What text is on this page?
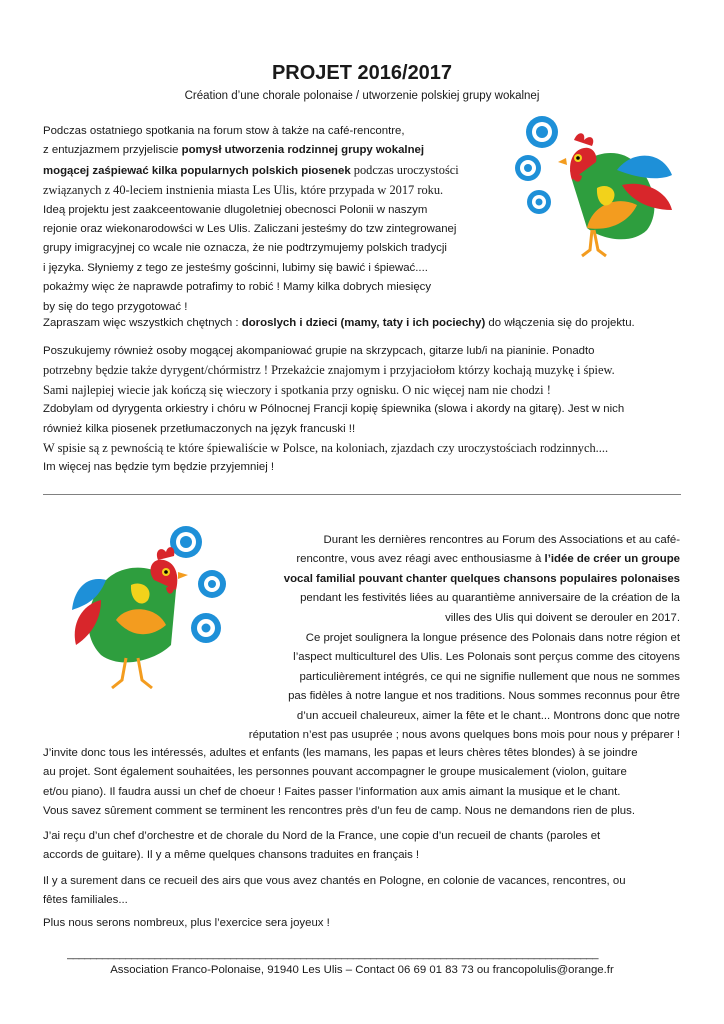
PROJET 2016/2017

Création d’une chorale polonaise / utworzenie polskiej grupy wokalnej

Podczas ostatniego spotkania na forum stow à także na café-rencontre,
z entuzjazmem przyjeliscie pomysł utworzenia rodzinnej grupy wokalnej
mogącej zaśpiewać kilka popularnych polskich piosenek podczas uroczystości
związanych z 40-leciem instnienia miasta Les Ulis, które przypada w 2017 roku.
Ideą projektu jest zaakceentowanie dlugoletniej obecnosci Polonii w naszym
rejonie oraz wiekonarodowści w Les Ulis. Zaliczani jesteśmy do tzw zintegrowanej
grupy imigracyjnej co wcale nie oznacza, że nie podtrzymujemy polskich tradycji
i języka. Słyniemy z tego ze jesteśmy gościnni, lubimy się bawić i śpiewać....
pokażmy więc że naprawde potrafimy to robić ! Mamy kilka dobrych miesięcy
by się do tego przygotować !
Zapraszam więc wszystkich chętnych : doroslych i dzieci (mamy, taty i ich pociechy) do włączenia się do projektu.
Poszukujemy również osoby mogącej akompaniować grupie na skrzypcach, gitarze lub/i na pianinie. Ponadto
potrzebny będzie także dyrygent/chórmistrz ! Przekażcie znajomym i przyjaciołom którzy kochają muzykę i śpiew.
Sami najlepiej wiecie jak kończą się wieczory i spotkania przy ognisku. O nic więcej nam nie chodzi !
Zdobylam od dyrygenta orkiestry i chóru w Pólnocnej Francji kopię śpiewnika (slowa i akordy na gitarę). Jest w nich
również kilka piosenek przetłumaczonych na język francuski !!
W spisie są z pewnością te które śpiewaliście w Polsce, na koloniach, zjazdach czy uroczystościach rodzinnych....
Im więcej nas będzie tym będzie przyjemniej !
Durant les dernières rencontres au Forum des Associations et au café-
rencontre, vous avez réagi avec enthousiasme à l’idée de créer un groupe
vocal familial pouvant chanter quelques chansons populaires polonaises
pendant les festivités liées au quarantième anniversaire de la création de la
villes des Ulis qui doivent se derouler en 2017.
Ce projet soulignera la longue présence des Polonais dans notre région et
l’aspect multiculturel des Ulis. Les Polonais sont perçus comme des citoyens
particulièrement intégrés, ce qui ne signifie nullement que nous ne sommes
pas fidèles à notre langue et nos traditions. Nous sommes reconnus pour être
d’un accueil chaleureux, aimer la fête et le chant... Montrons donc que notre
réputation n’est pas usuprée ; nous avons quelques bons mois pour nous y préparer !
J’invite donc tous les intéressés, adultes et enfants (les mamans, les papas et leurs chères têtes blondes) à se joindre
au projet. Sont également souhaitées, les personnes pouvant accompagner le groupe musicalement (violon, guitare
et/ou piano). Il faudra aussi un chef de choeur ! Faites passer l’information aux amis aimant la musique et le chant.
Vous savez sûrement comment se terminent les rencontres près d’un feu de camp. Nous ne demandons rien de plus.
J’ai reçu d’un chef d’orchestre et de chorale du Nord de la France, une copie d’un recueil de chants (paroles et
accords de guitare). Il y a même quelques chansons traduites en français !
Il y a surement dans ce recueil des airs que vous avez chantés en Pologne, en colonie de vacances, rencontres, ou
fêtes familiales...
Plus nous serons nombreux, plus l’exercice sera joyeux !
___________________________________________________________________________________________
Association Franco-Polonaise, 91940 Les Ulis – Contact 06 69 01 83 73 ou francopolulis@orange.fr
